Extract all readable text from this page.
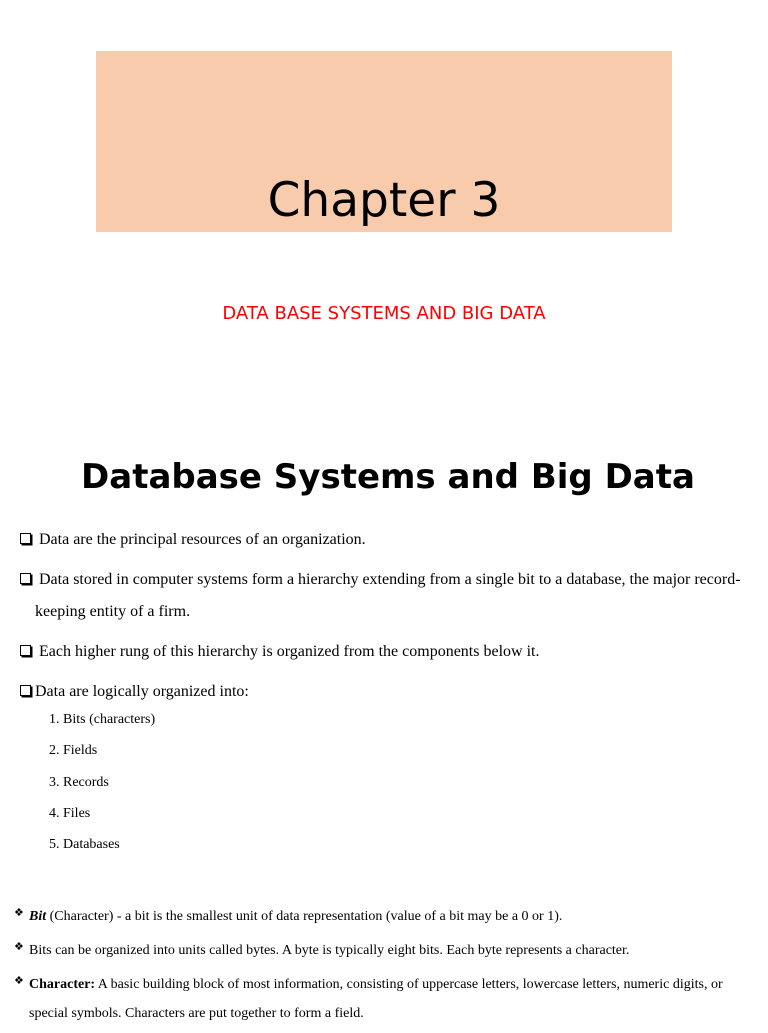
Chapter 3
DATA BASE SYSTEMS AND BIG DATA
Database Systems and Big Data
Data are the principal resources of an organization.
Data stored in computer systems form a hierarchy extending from a single bit to a database, the major record-keeping entity of a firm.
Each higher rung of this hierarchy is organized from the components below it.
Data are logically organized into:
1. Bits (characters)
2. Fields
3. Records
4. Files
5. Databases
❖ Bit (Character) - a bit is the smallest unit of data representation (value of a bit may be a 0 or 1).
❖ Bits can be organized into units called bytes. A byte is typically eight bits. Each byte represents a character.
❖ Character: A basic building block of most information, consisting of uppercase letters, lowercase letters, numeric digits, or special symbols. Characters are put together to form a field.
